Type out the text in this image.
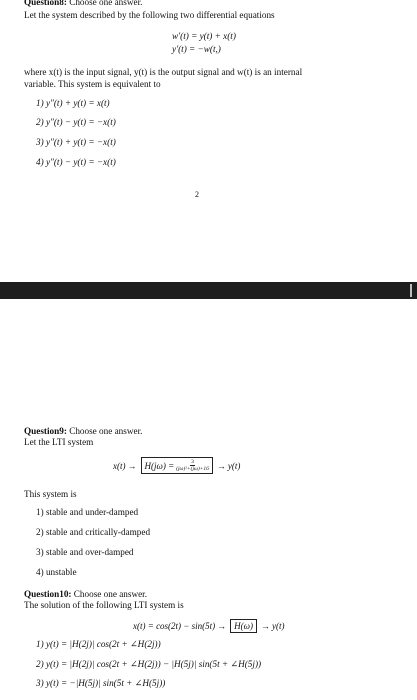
Question8: Choose one answer.
Let the system described by the following two differential equations
w′(t) = y(t) + x(t)
y′(t) = −w(t,)
where x(t) is the input signal, y(t) is the output signal and w(t) is an internal
variable. This system is equivalent to
1) y″(t) + y(t) = x(t)
2) y″(t) − y(t) = −x(t)
3) y″(t) + y(t) = −x(t)
4) y″(t) − y(t) = −x(t)
2
Question9: Choose one answer.
Let the LTI system
$x(t) \to H(j\omega) = \frac{3}{\text{(jω)²+(jω)+16}} \to y(t)$
This system is
1) stable and under-damped
2) stable and critically-damped
3) stable and over-damped
4) unstable
Question10: Choose one answer.
The solution of the following LTI system is
x(t) = cos(2t) − sin(5t) → H(ω) → y(t)
1) y(t) = |H(2j)| cos(2t + ∠H(2j))
2) y(t) = |H(2j)| cos(2t + ∠H(2j)) − |H(5j)| sin(5t + ∠H(5j))
3) y(t) = −|H(5j)| sin(5t + ∠H(5j))
